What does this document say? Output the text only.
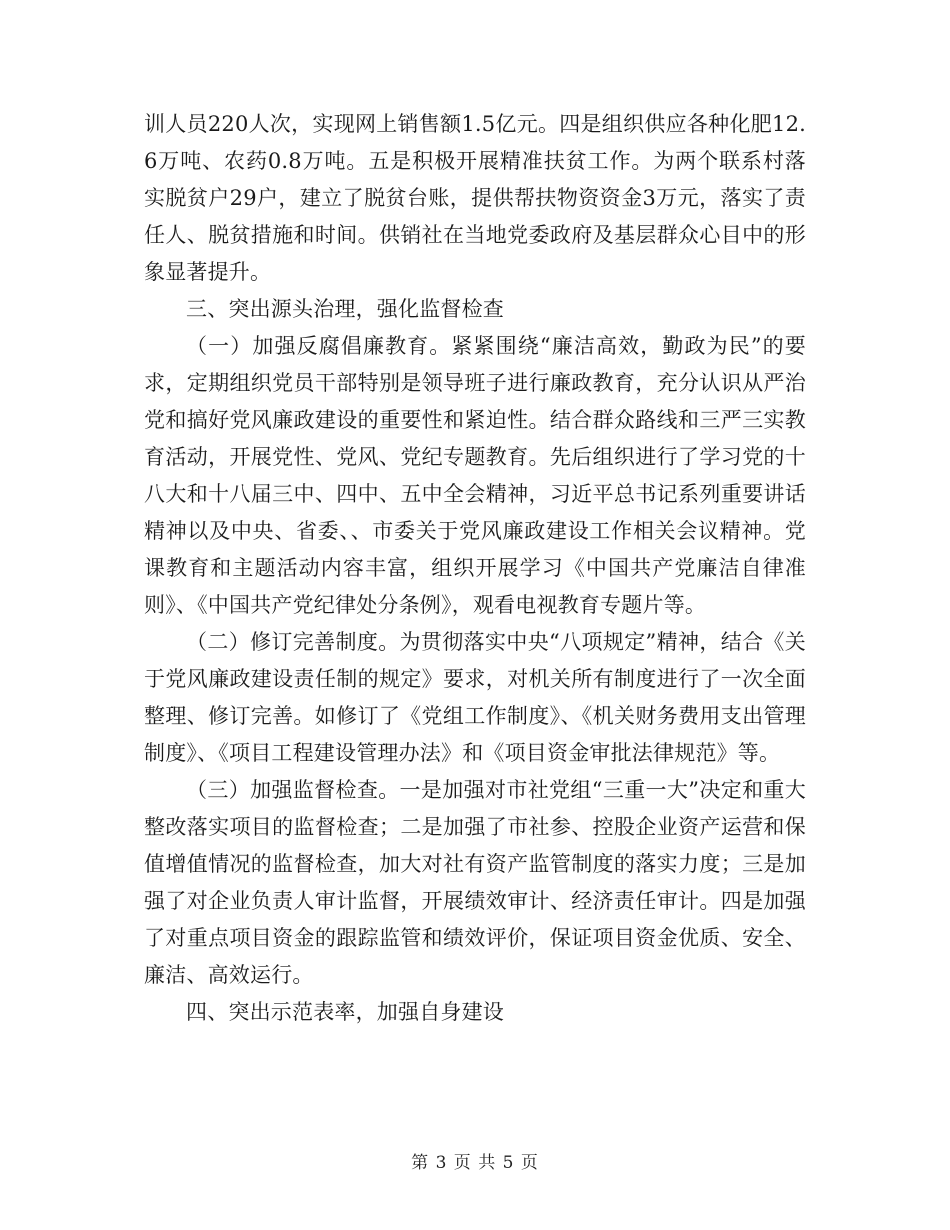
训人员220人次，实现网上销售额1.5亿元。四是组织供应各种化肥12.6万吨、农药0.8万吨。五是积极开展精准扶贫工作。为两个联系村落实脱贫户29户，建立了脱贫台账，提供帮扶物资资金3万元，落实了责任人、脱贫措施和时间。供销社在当地党委政府及基层群众心目中的形象显著提升。

三、突出源头治理，强化监督检查

（一）加强反腐倡廉教育。紧紧围绕“廉洁高效，勤政为民”的要求，定期组织党员干部特别是领导班子进行廉政教育，充分认识从严治党和搞好党风廉政建设的重要性和紧迫性。结合群众路线和三严三实教育活动，开展党性、党风、党纪专题教育。先后组织进行了学习党的十八大和十八届三中、四中、五中全会精神，习近平总书记系列重要讲话精神以及中央、省委、、市委关于党风廉政建设工作相关会议精神。党课教育和主题活动内容丰富，组织开展学习《中国共产党廉洁自律准则》、《中国共产党纪律处分条例》，观看电视教育专题片等。

（二）修订完善制度。为贯彻落实中央“八项规定”精神，结合《关于党风廉政建设责任制的规定》要求，对机关所有制度进行了一次全面整理、修订完善。如修订了《党组工作制度》、《机关财务费用支出管理制度》、《项目工程建设管理办法》和《项目资金审批法律规范》等。

（三）加强监督检查。一是加强对市社党组“三重一大”决定和重大整改落实项目的监督检查；二是加强了市社参、控股企业资产运营和保值增值情况的监督检查，加大对社有资产监管制度的落实力度；三是加强了对企业负责人审计监督，开展绩效审计、经济责任审计。四是加强了对重点项目资金的跟踪监管和绩效评价，保证项目资金优质、安全、廉洁、高效运行。

四、突出示范表率，加强自身建设

第 3 页 共 5 页
